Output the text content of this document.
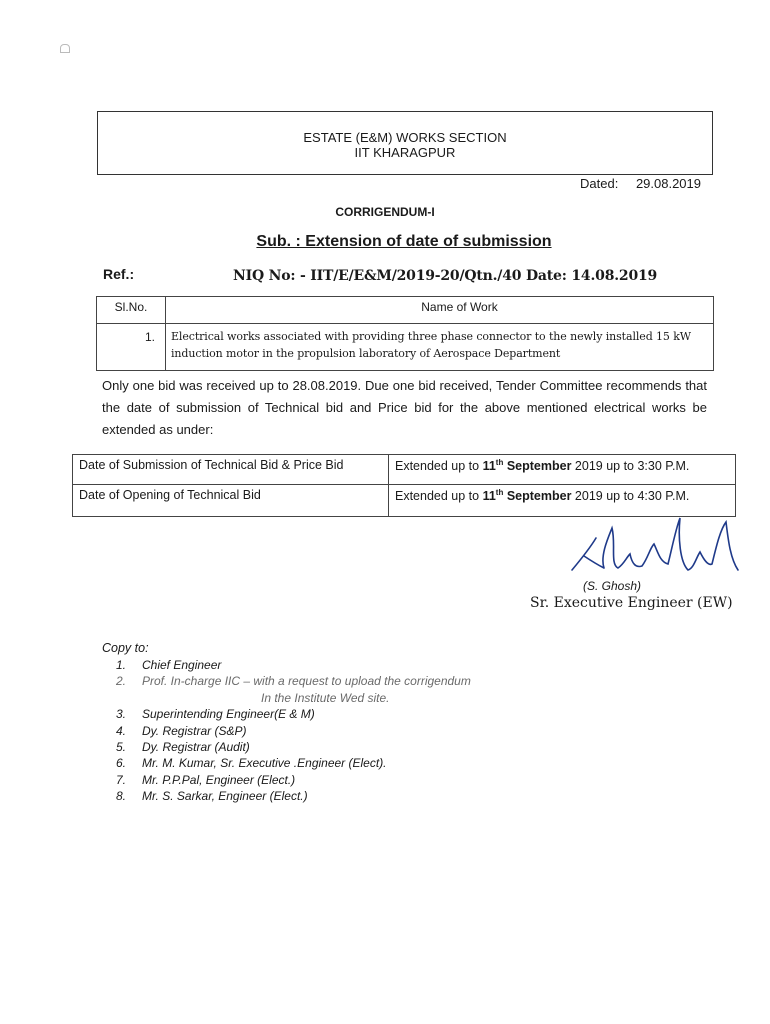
ESTATE (E&M) WORKS SECTION
IIT KHARAGPUR
Dated: 29.08.2019
CORRIGENDUM-I
Sub. : Extension of date of submission
Ref.:	NIQ No: - IIT/E/E&M/2019-20/Qtn./40 Date: 14.08.2019
Sl.No.	Name of Work
1.	Electrical works associated with providing three phase connector to the newly installed 15 kW induction motor in the propulsion laboratory of Aerospace Department
Only one bid was received up to 28.08.2019. Due one bid received, Tender Committee recommends that the date of submission of Technical bid and Price bid for the above mentioned electrical works be extended as under:
Date of Submission of Technical Bid & Price Bid	Extended up to 11th September 2019 up to 3:30 P.M.
Date of Opening of Technical Bid	Extended up to 11th September 2019 up to 4:30 P.M.
(S. Ghosh)
Sr. Executive Engineer (EW)
Copy to:
1. Chief Engineer
2. Prof. In-charge IIC – with a request to upload the corrigendum
In the Institute Wed site.
3. Superintending Engineer(E & M)
4. Dy. Registrar (S&P)
5. Dy. Registrar (Audit)
6. Mr. M. Kumar, Sr. Executive .Engineer (Elect).
7. Mr. P.P.Pal, Engineer (Elect.)
8. Mr. S. Sarkar, Engineer (Elect.)
